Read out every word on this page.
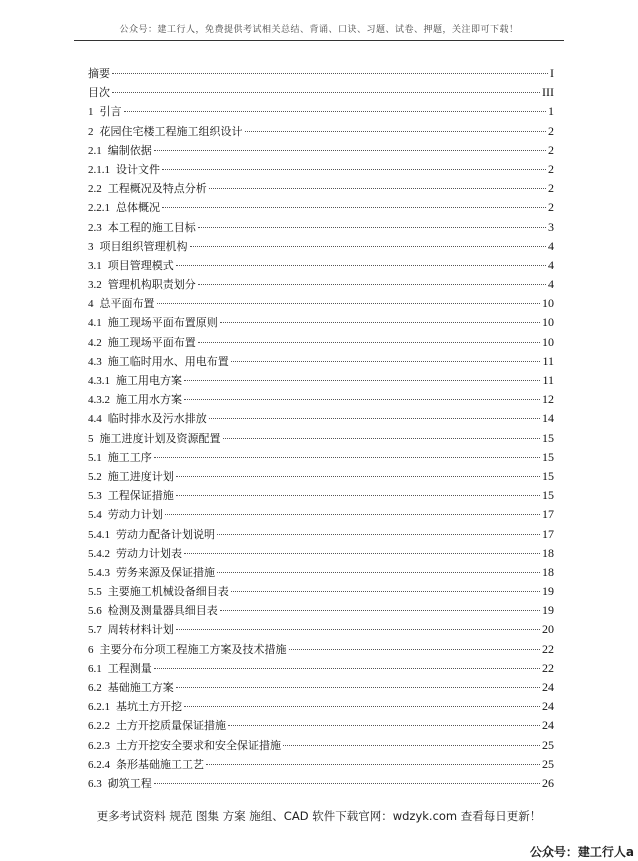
公众号：建工行人，免费提供考试相关总结、背诵、口诀、习题、试卷、押题，关注即可下载！
摘要	I
目次	III
1 引言	1
2 花园住宅楼工程施工组织设计	2
2.1 编制依据	2
2.1.1 设计文件	2
2.2 工程概况及特点分析	2
2.2.1 总体概况	2
2.3 本工程的施工目标	3
3 项目组织管理机构	4
3.1 项目管理模式	4
3.2 管理机构职责划分	4
4 总平面布置	10
4.1 施工现场平面布置原则	10
4.2 施工现场平面布置	10
4.3 施工临时用水、用电布置	11
4.3.1 施工用电方案	11
4.3.2 施工用水方案	12
4.4 临时排水及污水排放	14
5 施工进度计划及资源配置	15
5.1 施工工序	15
5.2 施工进度计划	15
5.3 工程保证措施	15
5.4 劳动力计划	17
5.4.1 劳动力配备计划说明	17
5.4.2 劳动力计划表	18
5.4.3 劳务来源及保证措施	18
5.5 主要施工机械设备细目表	19
5.6 检测及测量器具细目表	19
5.7 周转材料计划	20
6 主要分布分项工程施工方案及技术措施	22
6.1 工程测量	22
6.2 基础施工方案	24
6.2.1 基坑土方开挖	24
6.2.2 土方开挖质量保证措施	24
6.2.3 土方开挖安全要求和安全保证措施	25
6.2.4 条形基础施工工艺	25
6.3 砌筑工程	26
更多考试资料 规范 图集 方案 施组、CAD 软件下载官网：wdzyk.com 查看每日更新！
公众号：建工行人a
